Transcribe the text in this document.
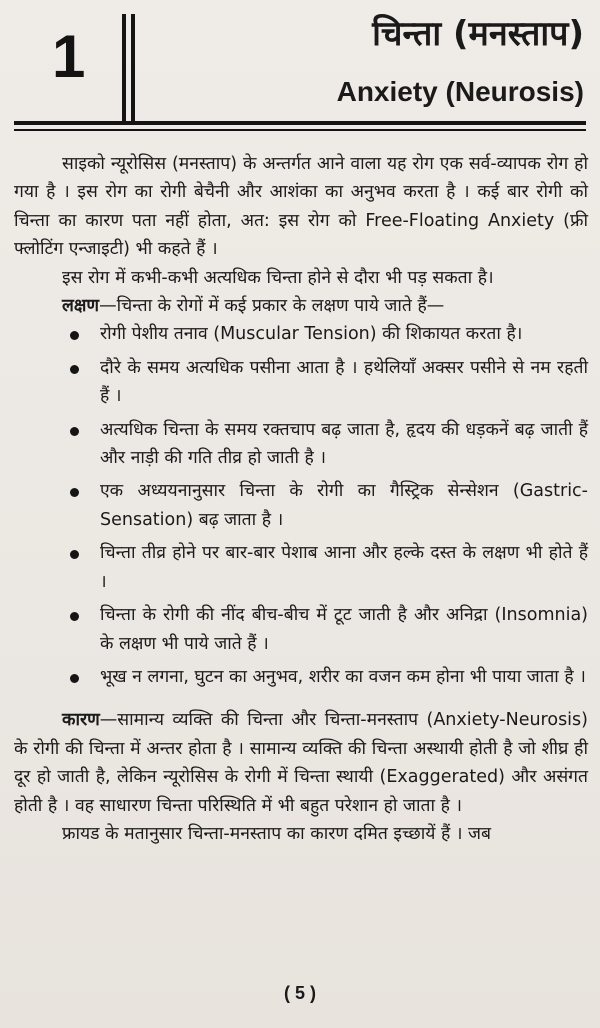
1	चिन्ता (मनस्ताप)
Anxiety (Neurosis)

साइको न्यूरोसिस (मनस्ताप) के अन्तर्गत आने वाला यह रोग एक सर्व-व्यापक रोग हो गया है । इस रोग का रोगी बेचैनी और आशंका का अनुभव करता है । कई बार रोगी को चिन्ता का कारण पता नहीं होता, अत: इस रोग को Free-Floating Anxiety (फ्री फ्लोटिंग एन्जाइटी) भी कहते हैं ।

इस रोग में कभी-कभी अत्यधिक चिन्ता होने से दौरा भी पड़ सकता है।

लक्षण—चिन्ता के रोगों में कई प्रकार के लक्षण पाये जाते हैं—

रोगी पेशीय तनाव (Muscular Tension) की शिकायत करता है।
दौरे के समय अत्यधिक पसीना आता है । हथेलियाँ अक्सर पसीने से नम रहती हैं ।
अत्यधिक चिन्ता के समय रक्तचाप बढ़ जाता है, हृदय की धड़कनें बढ़ जाती हैं और नाड़ी की गति तीव्र हो जाती है ।
एक अध्ययनानुसार चिन्ता के रोगी का गैस्ट्रिक सेन्सेशन (Gastric-Sensation) बढ़ जाता है ।
चिन्ता तीव्र होने पर बार-बार पेशाब आना और हल्के दस्त के लक्षण भी होते हैं ।
चिन्ता के रोगी की नींद बीच-बीच में टूट जाती है और अनिद्रा (Insomnia) के लक्षण भी पाये जाते हैं ।
भूख न लगना, घुटन का अनुभव, शरीर का वजन कम होना भी पाया जाता है ।

कारण—सामान्य व्यक्ति की चिन्ता और चिन्ता-मनस्ताप (Anxiety-Neurosis) के रोगी की चिन्ता में अन्तर होता है । सामान्य व्यक्ति की चिन्ता अस्थायी होती है जो शीघ्र ही दूर हो जाती है, लेकिन न्यूरोसिस के रोगी में चिन्ता स्थायी (Exaggerated) और असंगत होती है । वह साधारण चिन्ता परिस्थिति में भी बहुत परेशान हो जाता है ।

फ्रायड के मतानुसार चिन्ता-मनस्ताप का कारण दमित इच्छायें हैं । जब

( 5 )
